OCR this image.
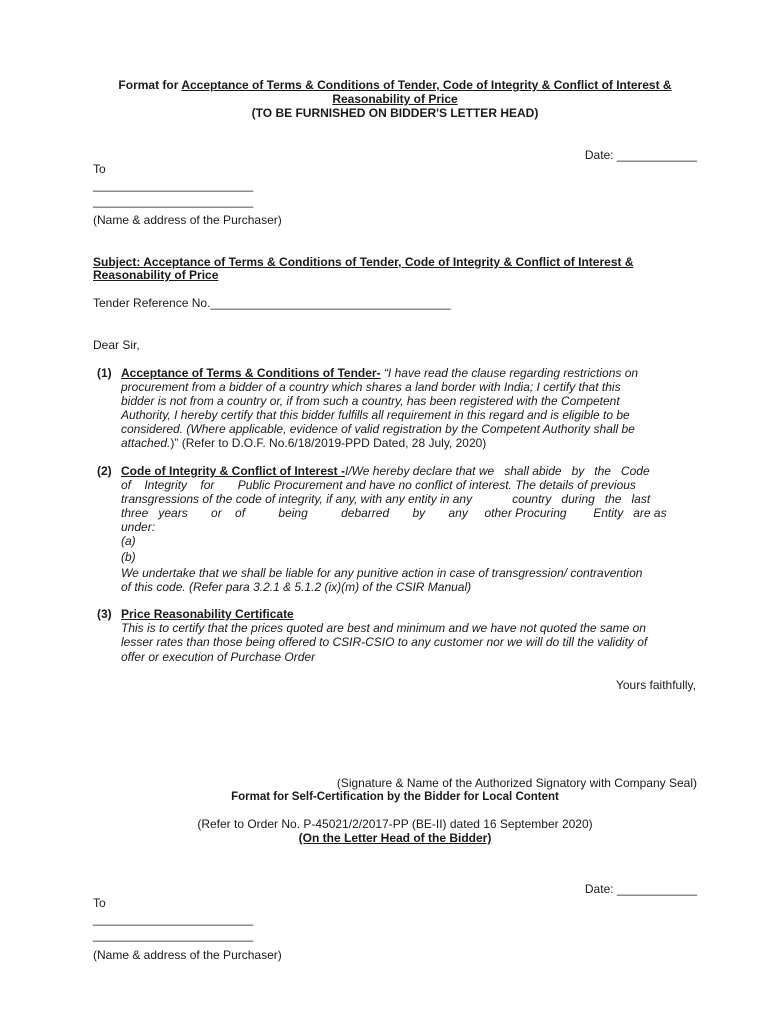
Format for Acceptance of Terms & Conditions of Tender, Code of Integrity & Conflict of Interest &
Reasonability of Price
(TO BE FURNISHED ON BIDDER'S LETTER HEAD)
Date: ____________
To
________________________
________________________
(Name & address of the Purchaser)
Subject: Acceptance of Terms & Conditions of Tender, Code of Integrity & Conflict of Interest &
Reasonability of Price
Tender Reference No.____________________________________
Dear Sir,
(1) Acceptance of Terms & Conditions of Tender- “I have read the clause regarding restrictions on
procurement from a bidder of a country which shares a land border with India; I certify that this
bidder is not from a country or, if from such a country, has been registered with the Competent
Authority, I hereby certify that this bidder fulfills all requirement in this regard and is eligible to be
considered. (Where applicable, evidence of valid registration by the Competent Authority shall be
attached.)” (Refer to D.O.F. No.6/18/2019-PPD Dated, 28 July, 2020)
(2) Code of Integrity & Conflict of Interest -I/We hereby declare that we   shall abide   by   the   Code
of    Integrity    for       Public Procurement and have no conflict of interest. The details of previous
transgressions of the code of integrity, if any, with any entity in any            country   during   the   last
three   years       or    of          being          debarred       by       any     other Procuring        Entity   are as
under:
(a)
(b)
We undertake that we shall be liable for any punitive action in case of transgression/ contravention
of this code. (Refer para 3.2.1 & 5.1.2 (ix)(m) of the CSIR Manual)
(3) Price Reasonability Certificate
This is to certify that the prices quoted are best and minimum and we have not quoted the same on
lesser rates than those being offered to CSIR-CSIO to any customer nor we will do till the validity of
offer or execution of Purchase Order
Yours faithfully,
(Signature & Name of the Authorized Signatory with Company Seal)
Format for Self-Certification by the Bidder for Local Content
(Refer to Order No. P-45021/2/2017-PP (BE-II) dated 16 September 2020)
(On the Letter Head of the Bidder)
Date: ____________
To
________________________
________________________
(Name & address of the Purchaser)
